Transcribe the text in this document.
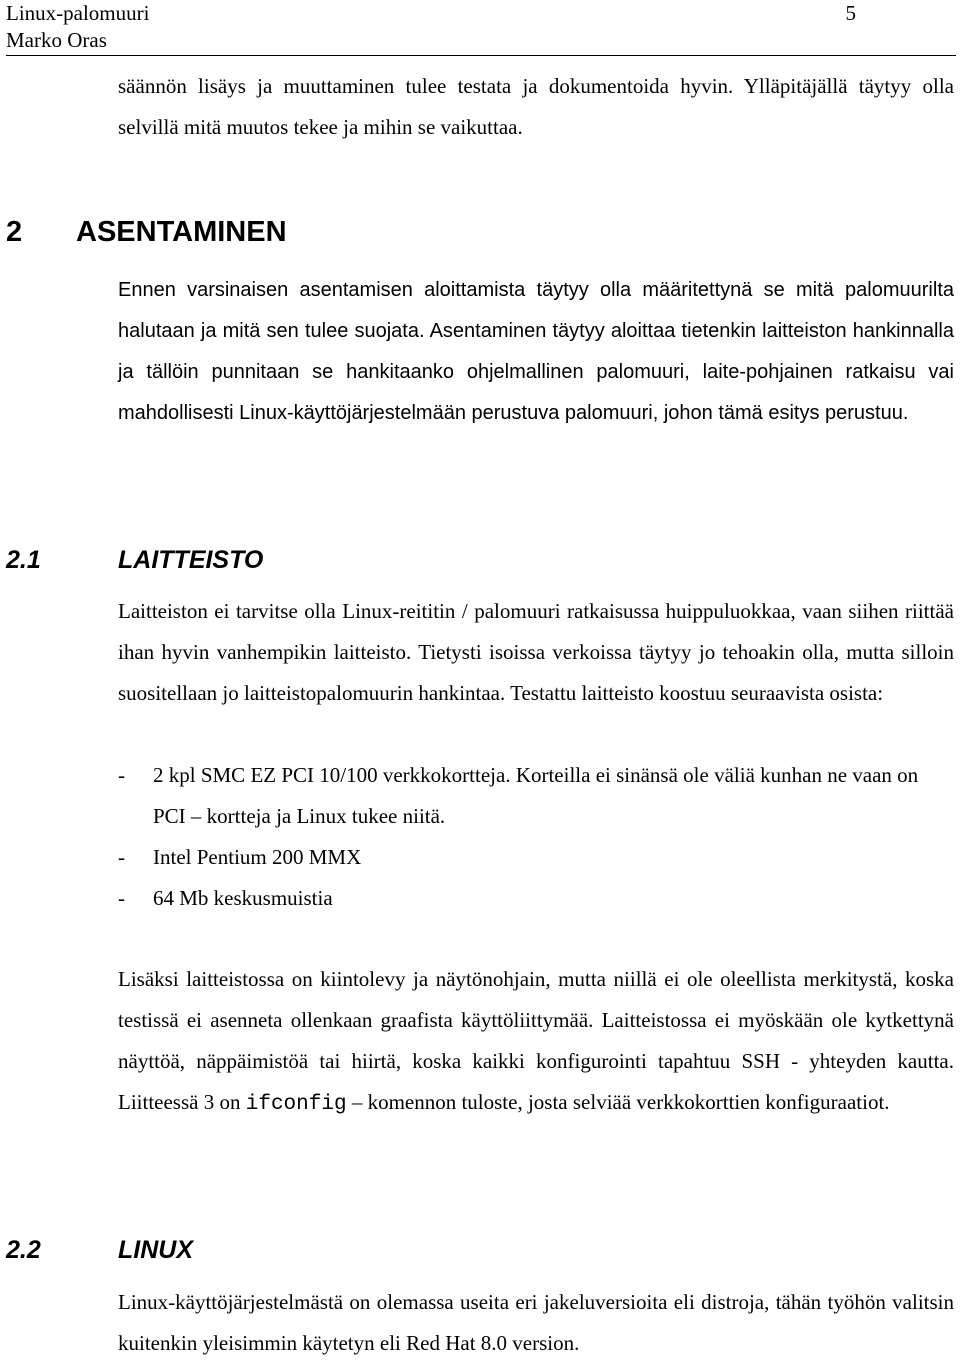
Linux-palomuuri
Marko Oras
5

säännön lisäys ja muuttaminen tulee testata ja dokumentoida hyvin. Ylläpitäjällä täytyy olla selvillä mitä muutos tekee ja mihin se vaikuttaa.

2 ASENTAMINEN

Ennen varsinaisen asentamisen aloittamista täytyy olla määritettynä se mitä palomuurilta halutaan ja mitä sen tulee suojata. Asentaminen täytyy aloittaa tietenkin laitteiston hankinnalla ja tällöin punnitaan se hankitaanko ohjelmallinen palomuuri, laite-pohjainen ratkaisu vai mahdollisesti Linux-käyttöjärjestelmään perustuva palomuuri, johon tämä esitys perustuu.

2.1	LAITTEISTO

Laitteiston ei tarvitse olla Linux-reititin / palomuuri ratkaisussa huippuluokkaa, vaan siihen riittää ihan hyvin vanhempikin laitteisto. Tietysti isoissa verkoissa täytyy jo tehoakin olla, mutta silloin suositellaan jo laitteistopalomuurin hankintaa. Testattu laitteisto koostuu seuraavista osista:

-	2 kpl SMC EZ PCI 10/100 verkkokortteja. Korteilla ei sinänsä ole väliä kunhan ne vaan on PCI – kortteja ja Linux tukee niitä.
-	Intel Pentium 200 MMX
-	64 Mb keskusmuistia

Lisäksi laitteistossa on kiintolevy ja näytönohjain, mutta niillä ei ole oleellista merkitystä, koska testissä ei asenneta ollenkaan graafista käyttöliittymää. Laitteistossa ei myöskään ole kytkettynä näyttöä, näppäimistöä tai hiirtä, koska kaikki konfigurointi tapahtuu SSH - yhteyden kautta. Liitteessä 3 on ifconfig – komennon tuloste, josta selviää verkkokorttien konfiguraatiot.

2.2	LINUX

Linux-käyttöjärjestelmästä on olemassa useita eri jakeluversioita eli distroja, tähän työhön valitsin kuitenkin yleisimmin käytetyn eli Red Hat 8.0 version.
